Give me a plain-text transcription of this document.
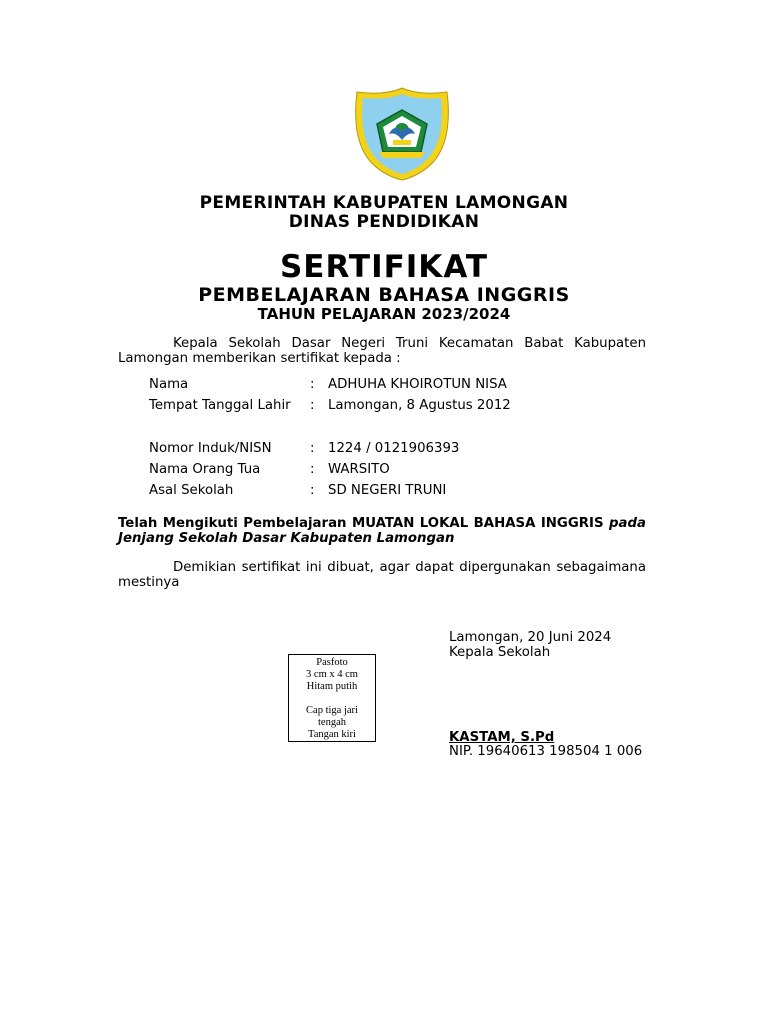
PEMERINTAH KABUPATEN LAMONGAN
DINAS PENDIDIKAN
SERTIFIKAT
PEMBELAJARAN BAHASA INGGRIS
TAHUN PELAJARAN 2023/2024
Kepala Sekolah Dasar Negeri Truni Kecamatan Babat Kabupaten Lamongan memberikan sertifikat kepada :
Nama	: ADHUHA KHOIROTUN NISA
Tempat Tanggal Lahir	: Lamongan, 8 Agustus 2012
Nomor Induk/NISN	: 1224 / 0121906393
Nama Orang Tua	: WARSITO
Asal Sekolah	: SD NEGERI TRUNI
Telah Mengikuti Pembelajaran MUATAN LOKAL BAHASA INGGRIS pada Jenjang Sekolah Dasar Kabupaten Lamongan
Demikian sertifikat ini dibuat, agar dapat dipergunakan sebagaimana mestinya
Pasfoto
3 cm x 4 cm
Hitam putih
Cap tiga jari
tengah
Tangan kiri
Lamongan, 20 Juni 2024
Kepala Sekolah
KASTAM, S.Pd
NIP. 19640613 198504 1 006
